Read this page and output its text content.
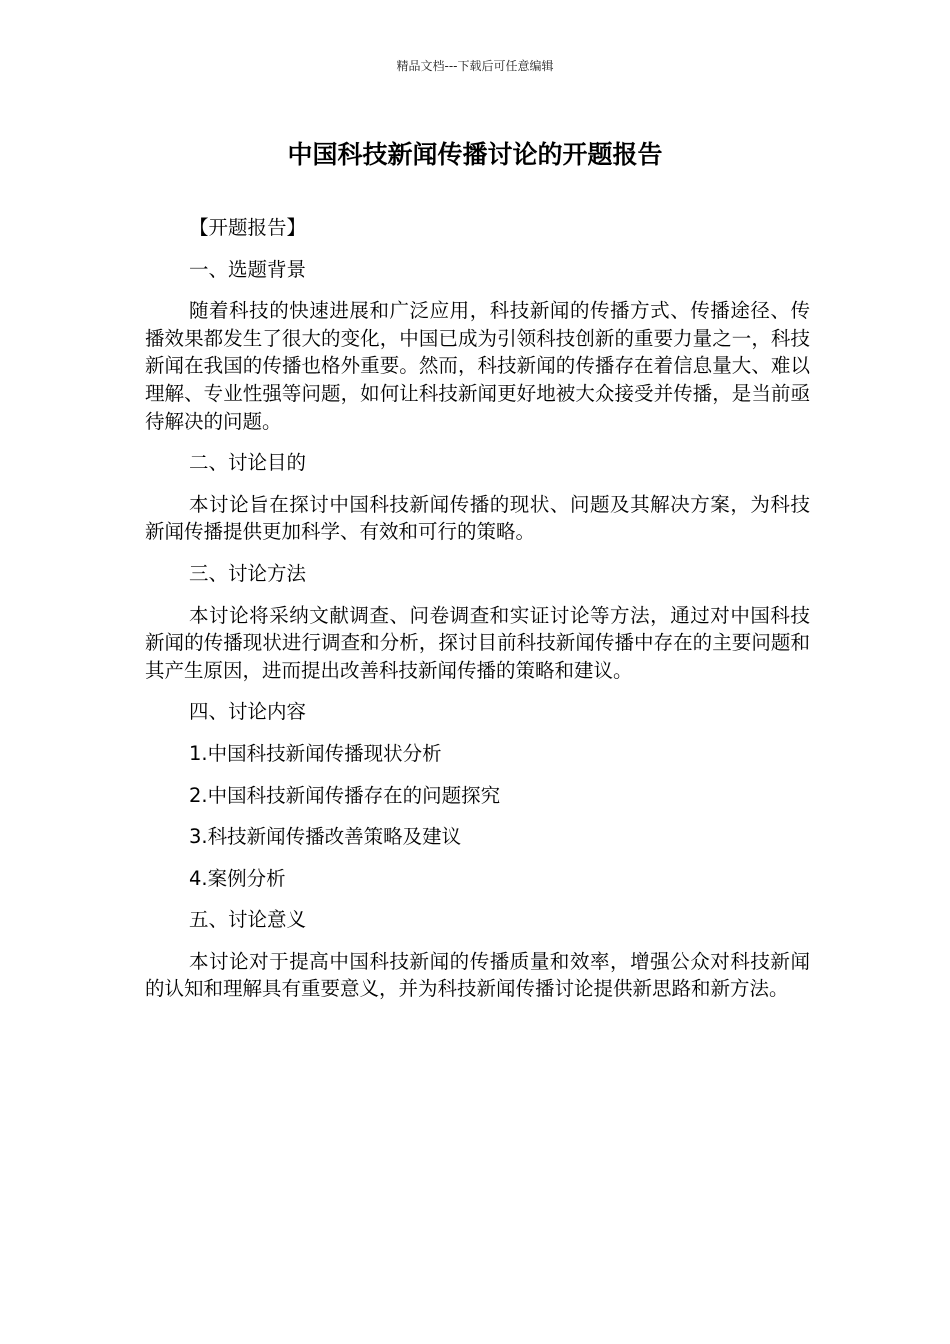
精品文档---下载后可任意编辑
中国科技新闻传播讨论的开题报告

【开题报告】

一、选题背景

随着科技的快速进展和广泛应用，科技新闻的传播方式、传播途径、传播效果都发生了很大的变化，中国已成为引领科技创新的重要力量之一，科技新闻在我国的传播也格外重要。然而，科技新闻的传播存在着信息量大、难以理解、专业性强等问题，如何让科技新闻更好地被大众接受并传播，是当前亟待解决的问题。

二、讨论目的

本讨论旨在探讨中国科技新闻传播的现状、问题及其解决方案，为科技新闻传播提供更加科学、有效和可行的策略。

三、讨论方法

本讨论将采纳文献调查、问卷调查和实证讨论等方法，通过对中国科技新闻的传播现状进行调查和分析，探讨目前科技新闻传播中存在的主要问题和其产生原因，进而提出改善科技新闻传播的策略和建议。

四、讨论内容

1.中国科技新闻传播现状分析

2.中国科技新闻传播存在的问题探究

3.科技新闻传播改善策略及建议

4.案例分析

五、讨论意义

本讨论对于提高中国科技新闻的传播质量和效率，增强公众对科技新闻的认知和理解具有重要意义，并为科技新闻传播讨论提供新思路和新方法。
